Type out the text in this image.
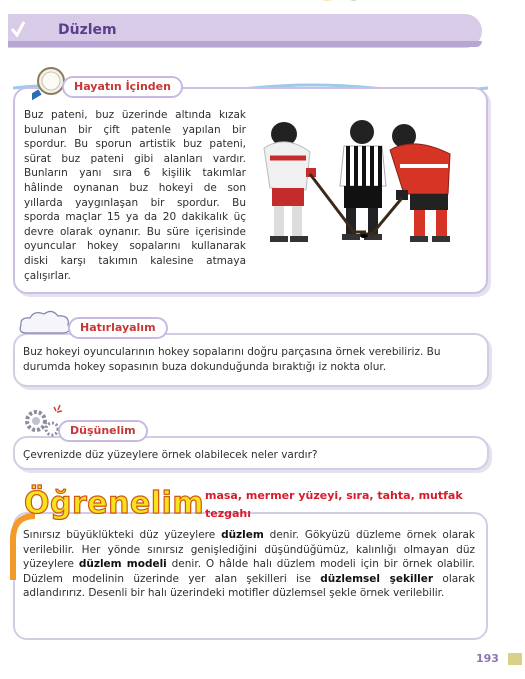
Düzlem
Hayatın İçinden
Buz pateni, buz üzerinde altında kızak bulunan bir çift patenle yapılan bir spordur. Bu sporun artistik buz pateni, sürat buz pateni gibi alanları vardır. Bunların yanı sıra 6 kişilik takımlar hâlinde oynanan buz hokeyi de son yıllarda yaygınlaşan bir spordur. Bu sporda maçlar 15 ya da 20 dakikalık üç devre olarak oynanır. Bu süre içerisinde oyuncular hokey sopalarını kullanarak diski karşı takımın kalesine atmaya çalışırlar.
Hatırlayalım
Buz hokeyi oyuncularının hokey sopalarını doğru parçasına örnek verebiliriz. Bu durumda hokey sopasının buza dokunduğunda bıraktığı iz nokta olur.
Düşünelim
Çevrenizde düz yüzeylere örnek olabilecek neler vardır?
Öğrenelim masa, mermer yüzeyi, sıra, tahta, mutfak tezgahı
Sınırsız büyüklükteki düz yüzeylere düzlem denir. Gökyüzü düzleme örnek olarak verilebilir. Her yönde sınırsız genişlediğini düşündüğümüz, kalınlığı olmayan düz yüzeylere düzlem modeli denir. O hâlde halı düzlem modeli için bir örnek olabilir. Düzlem modelinin üzerinde yer alan şekilleri ise düzlemsel şekiller olarak adlandırırız. Desenli bir halı üzerindeki motifler düzlemsel şekle örnek verilebilir.
193
